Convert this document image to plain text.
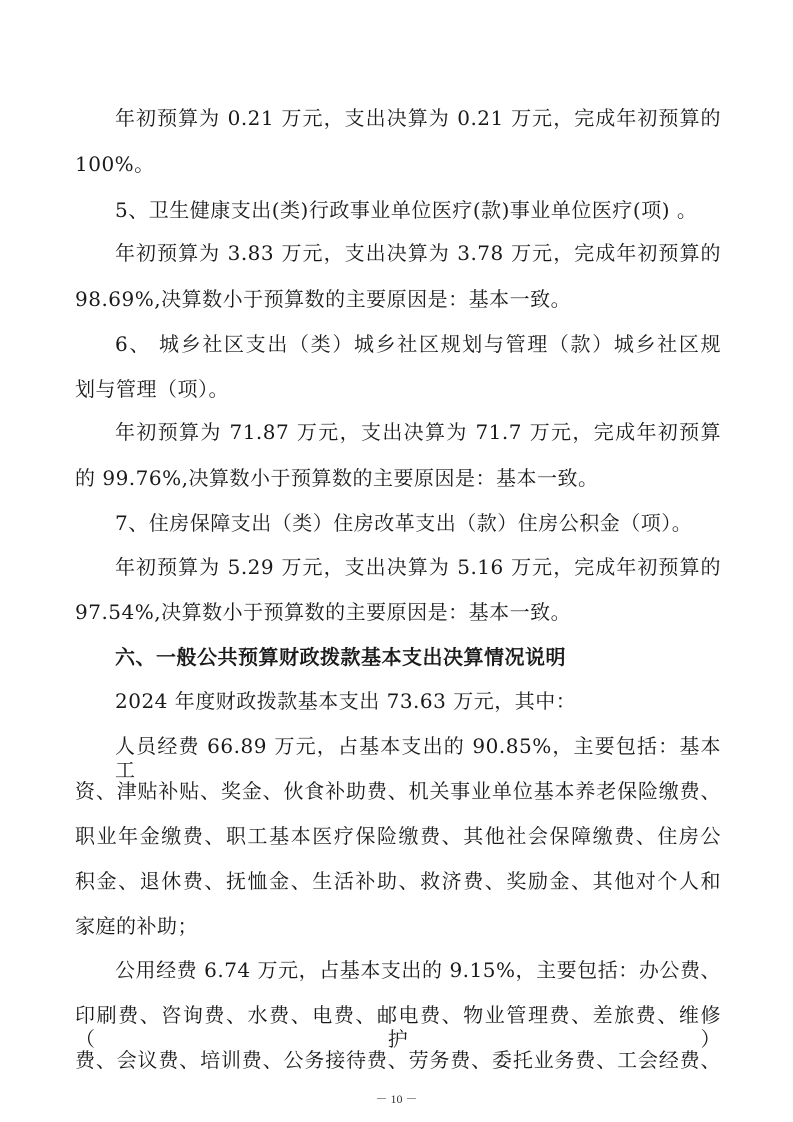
年初预算为 0.21 万元，支出决算为 0.21 万元，完成年初预算的
100%。
5、卫生健康支出(类)行政事业单位医疗(款)事业单位医疗(项) 。
年初预算为 3.83 万元，支出决算为 3.78 万元，完成年初预算的
98.69%,决算数小于预算数的主要原因是：基本一致。
6、 城乡社区支出（类）城乡社区规划与管理（款）城乡社区规
划与管理（项）。
年初预算为 71.87 万元，支出决算为 71.7 万元，完成年初预算
的 99.76%,决算数小于预算数的主要原因是：基本一致。
7、住房保障支出（类）住房改革支出（款）住房公积金（项）。
年初预算为 5.29 万元，支出决算为 5.16 万元，完成年初预算的
97.54%,决算数小于预算数的主要原因是：基本一致。
六、一般公共预算财政拨款基本支出决算情况说明
2024 年度财政拨款基本支出 73.63 万元，其中：
人员经费 66.89 万元，占基本支出的 90.85%，主要包括：基本工
资、津贴补贴、奖金、伙食补助费、机关事业单位基本养老保险缴费、
职业年金缴费、职工基本医疗保险缴费、其他社会保障缴费、住房公
积金、退休费、抚恤金、生活补助、救济费、奖励金、其他对个人和
家庭的补助；
公用经费 6.74 万元，占基本支出的 9.15%，主要包括：办公费、
印刷费、咨询费、水费、电费、邮电费、物业管理费、差旅费、维修（护）
费、会议费、培训费、公务接待费、劳务费、委托业务费、工会经费、
－ 10 －
